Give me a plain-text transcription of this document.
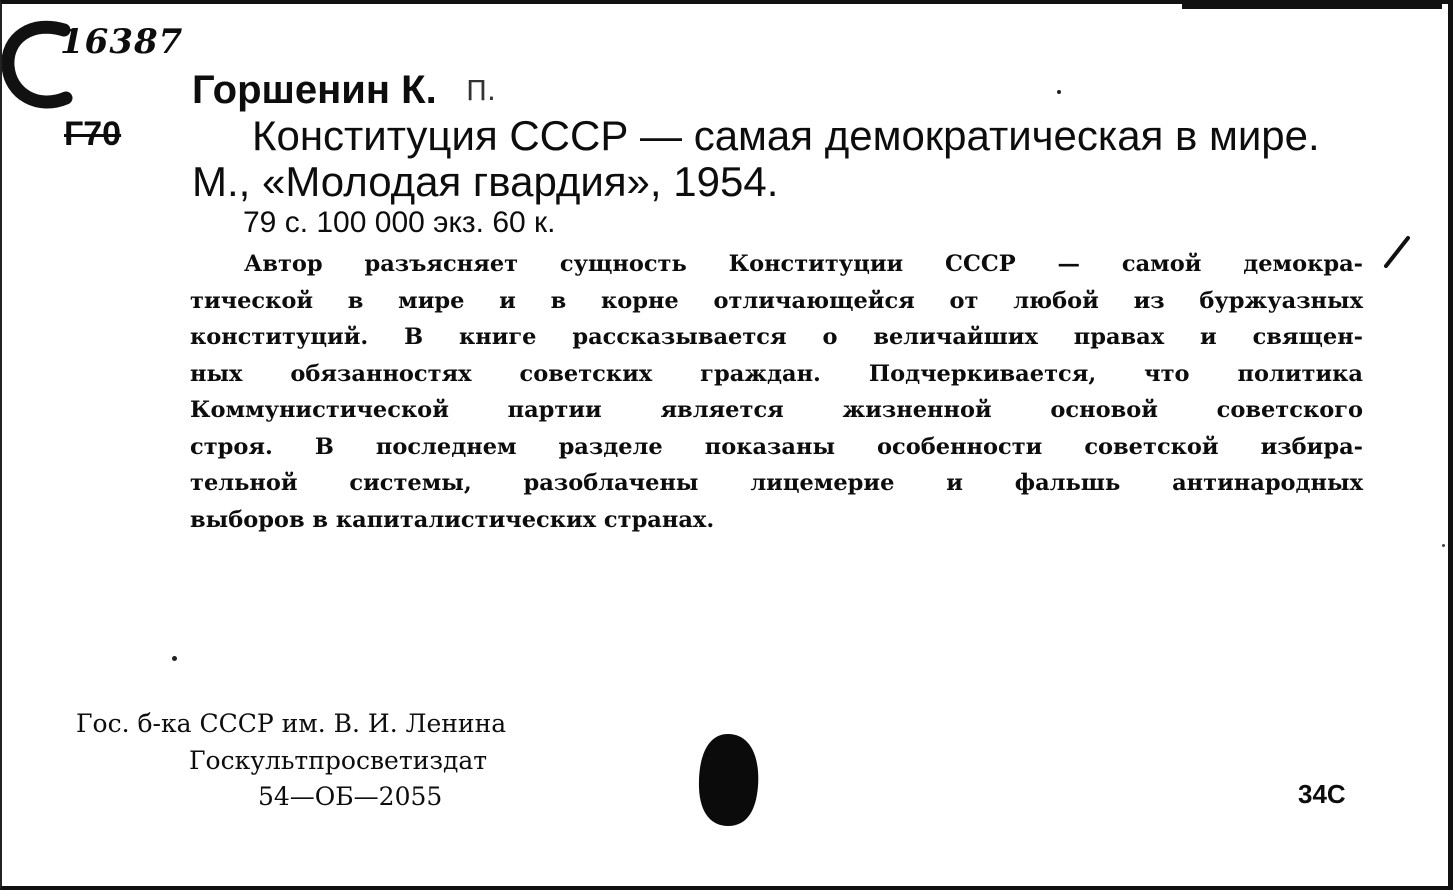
16387
Горшенин К. П.
Г70	Конституция СССР — самая демократическая в мире.
М., «Молодая гвардия», 1954.
79 с. 100 000 экз. 60 к.
Автор разъясняет сущность Конституции СССР — самой демокра-
тической в мире и в корне отличающейся от любой из буржуазных
конституций. В книге рассказывается о величайших правах и священ-
ных обязанностях советских граждан. Подчеркивается, что политика
Коммунистической партии является жизненной основой советского
строя. В последнем разделе показаны особенности советской избира-
тельной системы, разоблачены лицемерие и фальшь антинародных
выборов в капиталистических странах.
Гос. б-ка СССР им. В. И. Ленина
Госкультпросветиздат
54—ОБ—2055	34С
